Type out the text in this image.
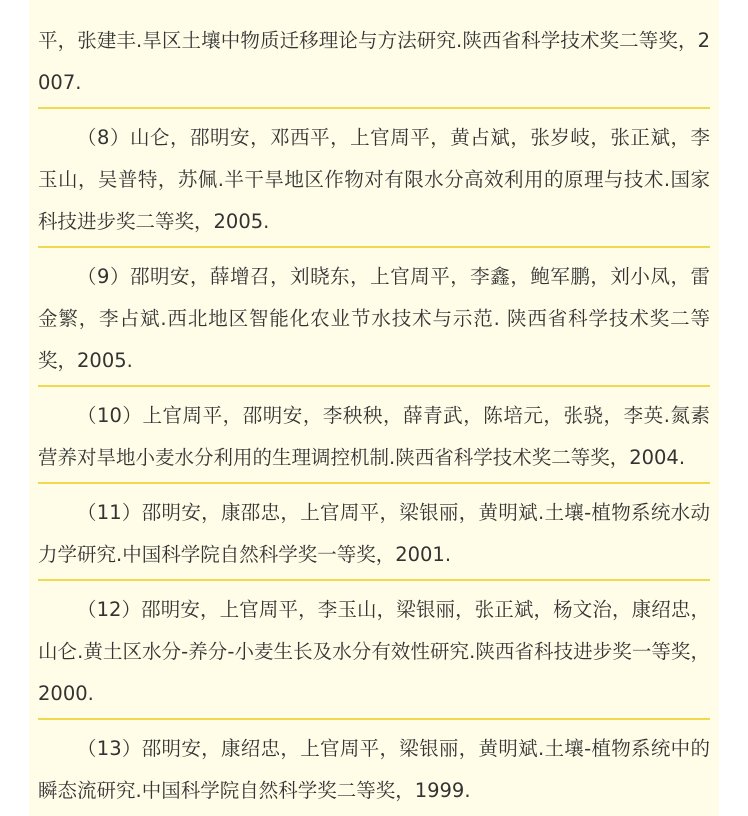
平，张建丰.旱区土壤中物质迁移理论与方法研究.陕西省科学技术奖二等奖，2007.

（8）山仑，邵明安，邓西平，上官周平，黄占斌，张岁岐，张正斌，李玉山，吴普特，苏佩.半干旱地区作物对有限水分高效利用的原理与技术.国家科技进步奖二等奖，2005.

（9）邵明安，薛增召，刘晓东，上官周平，李鑫，鲍军鹏，刘小凤，雷金繁，李占斌.西北地区智能化农业节水技术与示范. 陕西省科学技术奖二等奖，2005.

（10）上官周平，邵明安，李秧秧，薛青武，陈培元，张骁，李英.氮素营养对旱地小麦水分利用的生理调控机制.陕西省科学技术奖二等奖，2004.

（11）邵明安，康邵忠，上官周平，梁银丽，黄明斌.土壤-植物系统水动力学研究.中国科学院自然科学奖一等奖，2001.

（12）邵明安，上官周平，李玉山，梁银丽，张正斌，杨文治，康绍忠，山仑.黄土区水分-养分-小麦生长及水分有效性研究.陕西省科技进步奖一等奖，2000.

（13）邵明安，康绍忠，上官周平，梁银丽，黄明斌.土壤-植物系统中的瞬态流研究.中国科学院自然科学奖二等奖，1999.
